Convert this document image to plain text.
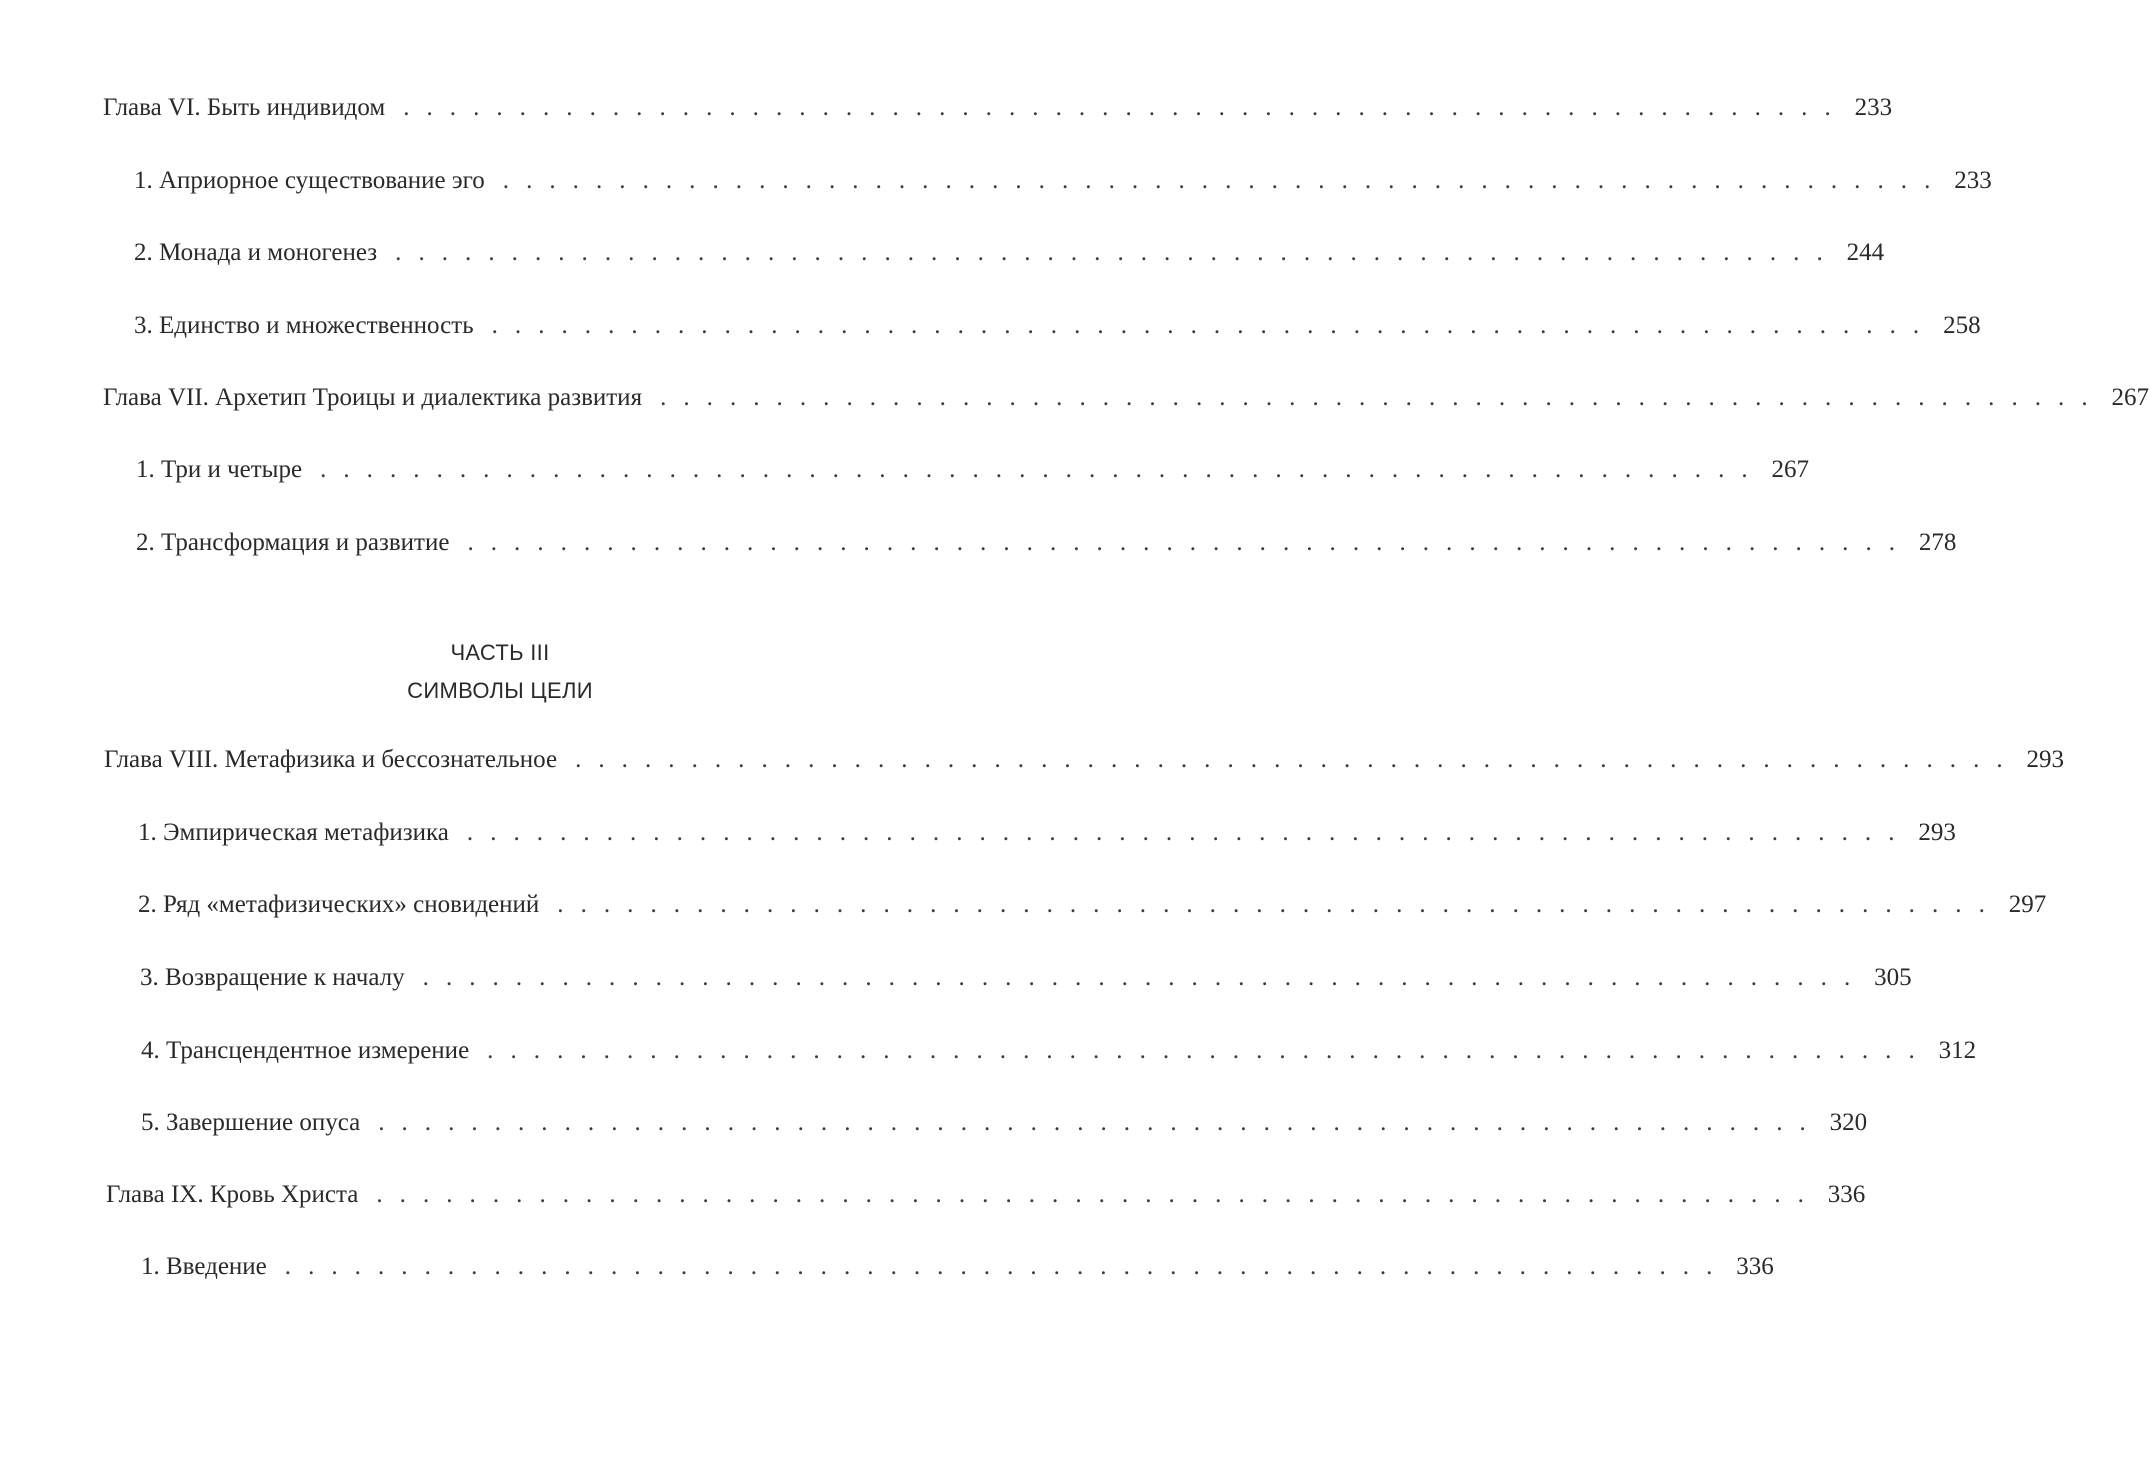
Глава VI. Быть индивидом . . . . . . . . . . . . . . . . . . . . . . . . . . . . . . . . . . . . . . . . . . . . . . . . . . . . . . . . . . . . . . 233
1. Априорное существование эго . . . . . . . . . . . . . . . . . . . . . . . . . . . . . . . . . . . . . . . . . . . . . . . . . . . . . . . . . . . . . . 233
2. Монада и моногенез . . . . . . . . . . . . . . . . . . . . . . . . . . . . . . . . . . . . . . . . . . . . . . . . . . . . . . . . . . . . . . 244
3. Единство и множественность . . . . . . . . . . . . . . . . . . . . . . . . . . . . . . . . . . . . . . . . . . . . . . . . . . . . . . . . . . . . . . 258
Глава VII. Архетип Троицы и диалектика развития . . . . . . . . . . . . . . . . . . . . . . . . . . . . . . . . . . . . . . . . . . . . . . . . . . . . . . . . . . . . . . 267
1. Три и четыре . . . . . . . . . . . . . . . . . . . . . . . . . . . . . . . . . . . . . . . . . . . . . . . . . . . . . . . . . . . . . . 267
2. Трансформация и развитие . . . . . . . . . . . . . . . . . . . . . . . . . . . . . . . . . . . . . . . . . . . . . . . . . . . . . . . . . . . . . . 278
ЧАСТЬ III
СИМВОЛЫ ЦЕЛИ
Глава VIII. Метафизика и бессознательное . . . . . . . . . . . . . . . . . . . . . . . . . . . . . . . . . . . . . . . . . . . . . . . . . . . . . . . . . . . . . . 293
1. Эмпирическая метафизика . . . . . . . . . . . . . . . . . . . . . . . . . . . . . . . . . . . . . . . . . . . . . . . . . . . . . . . . . . . . . . 293
2. Ряд «метафизических» сновидений . . . . . . . . . . . . . . . . . . . . . . . . . . . . . . . . . . . . . . . . . . . . . . . . . . . . . . . . . . . . . . 297
3. Возвращение к началу . . . . . . . . . . . . . . . . . . . . . . . . . . . . . . . . . . . . . . . . . . . . . . . . . . . . . . . . . . . . . . 305
4. Трансцендентное измерение . . . . . . . . . . . . . . . . . . . . . . . . . . . . . . . . . . . . . . . . . . . . . . . . . . . . . . . . . . . . . . 312
5. Завершение опуса . . . . . . . . . . . . . . . . . . . . . . . . . . . . . . . . . . . . . . . . . . . . . . . . . . . . . . . . . . . . . . 320
Глава IX. Кровь Христа . . . . . . . . . . . . . . . . . . . . . . . . . . . . . . . . . . . . . . . . . . . . . . . . . . . . . . . . . . . . . . 336
1. Введение . . . . . . . . . . . . . . . . . . . . . . . . . . . . . . . . . . . . . . . . . . . . . . . . . . . . . . . . . . . . . . 336
